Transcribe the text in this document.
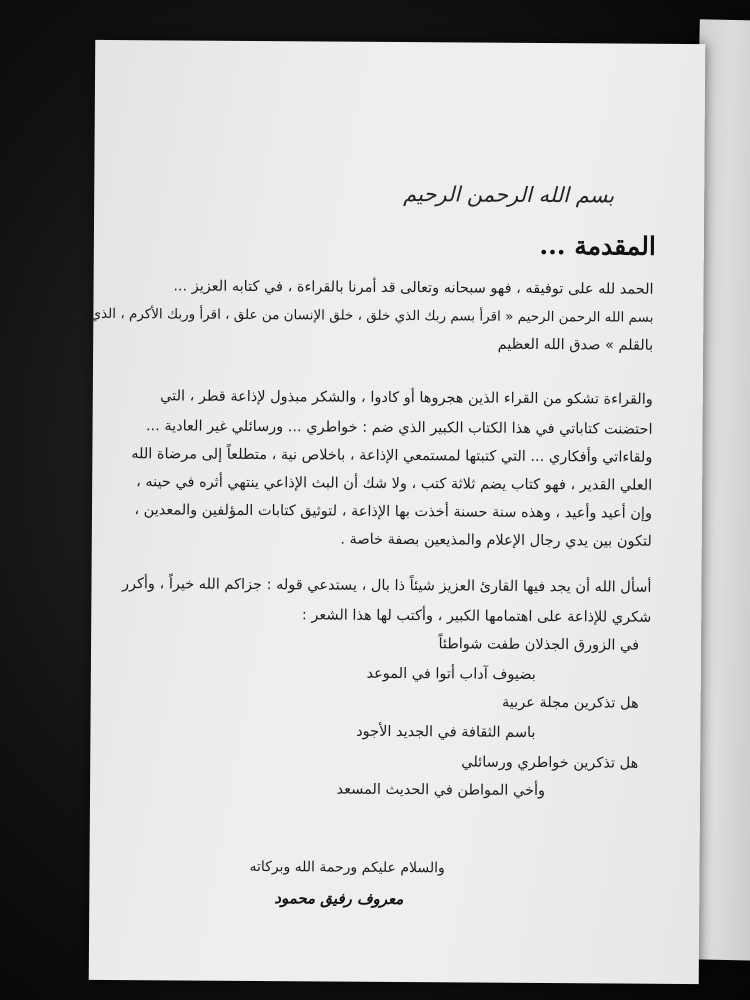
بسم الله الرحمن الرحيم
المقدمة ...
الحمد لله على توفيقه ، فهو سبحانه وتعالى قد أمرنا بالقراءة ، في كتابه العزيز ...
بسم الله الرحمن الرحيم « اقرأ بسم ربك الذي خلق ، خلق الإنسان من علق ، اقرأ وربك الأكرم ، الذي علم
بالقلم » صدق الله العظيم
والقراءة تشكو من القراء الذين هجروها أو كادوا ، والشكر مبذول لإذاعة قطر ، التي
احتضنت كتاباتي في هذا الكتاب الكبير الذي ضم : خواطري ... ورسائلي غير العادية ...
ولقاءاتي وأفكاري ... التي كتبتها لمستمعي الإذاعة ، باخلاص نية ، متطلعاً إلى مرضاة الله
العلي القدير ، فهو كتاب يضم ثلاثة كتب ، ولا شك أن البث الإذاعي ينتهي أثره في حينه ،
وإن أعيد وأعيد ، وهذه سنة حسنة أخذت بها الإذاعة ، لتوثيق كتابات المؤلفين والمعدين ،
لتكون بين يدي رجال الإعلام والمذيعين بصفة خاصة .
أسأل الله أن يجد فيها القارئ العزيز شيئاً ذا بال ، يستدعي قوله : جزاكم الله خيراً ، وأكرر
شكري للإذاعة على اهتمامها الكبير ، وأكتب لها هذا الشعر :
في الزورق الجذلان طفت شواطئاً
بضيوف آداب أتوا في الموعد
هل تذكرين مجلة عربية
باسم الثقافة في الجديد الأجود
هل تذكرين خواطري ورسائلي
وأخي المواطن في الحديث المسعد
والسلام عليكم ورحمة الله وبركاته
معروف رفيق محمود
